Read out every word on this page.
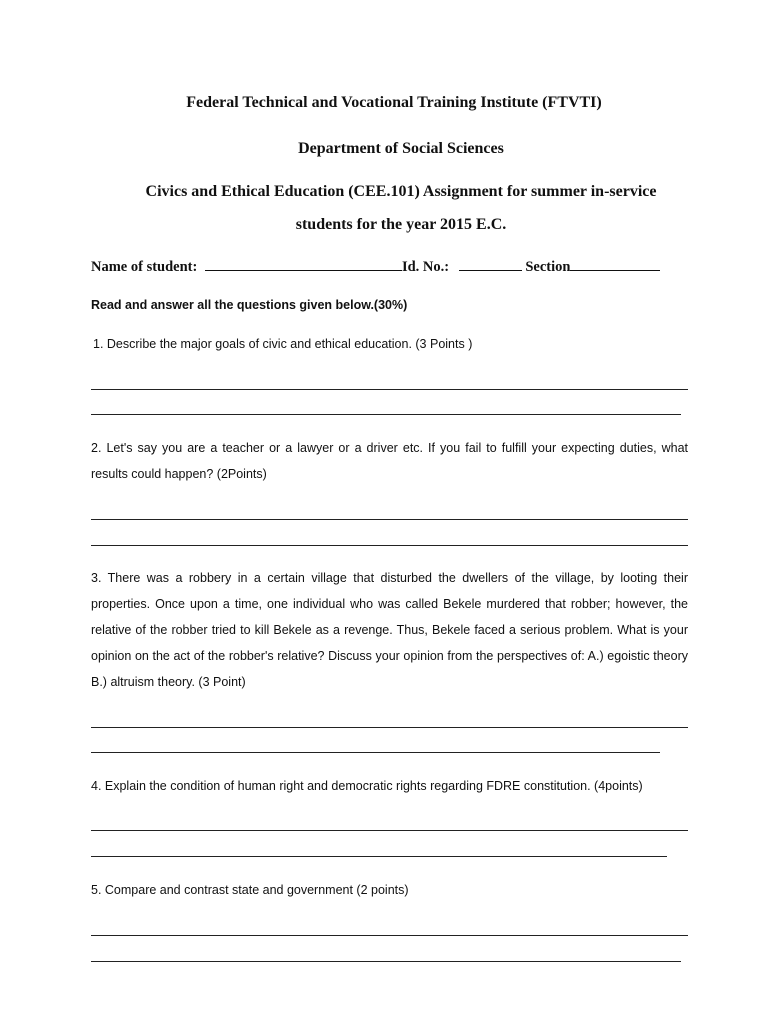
Federal Technical and Vocational Training Institute (FTVTI)

Department of Social Sciences

Civics and Ethical Education (CEE.101) Assignment for summer in-service

students for the year 2015 E.C.

Name of student:	Id. No.:	Section
Read and answer all the questions given below.(30%)

1. Describe the major goals of civic and ethical education. (3 Points )

2. Let's say you are a teacher or a lawyer or a driver etc. If you fail to fulfill your expecting duties, what results could happen? (2Points)

3. There was a robbery in a certain village that disturbed the dwellers of the village, by looting their properties. Once upon a time, one individual who was called Bekele murdered that robber; however, the relative of the robber tried to kill Bekele as a revenge. Thus, Bekele faced a serious problem. What is your opinion on the act of the robber's relative? Discuss your opinion from the perspectives of: A.) egoistic theory B.) altruism theory. (3 Point)

4. Explain the condition of human right and democratic rights regarding FDRE constitution. (4points)

5. Compare and contrast state and government (2 points)
